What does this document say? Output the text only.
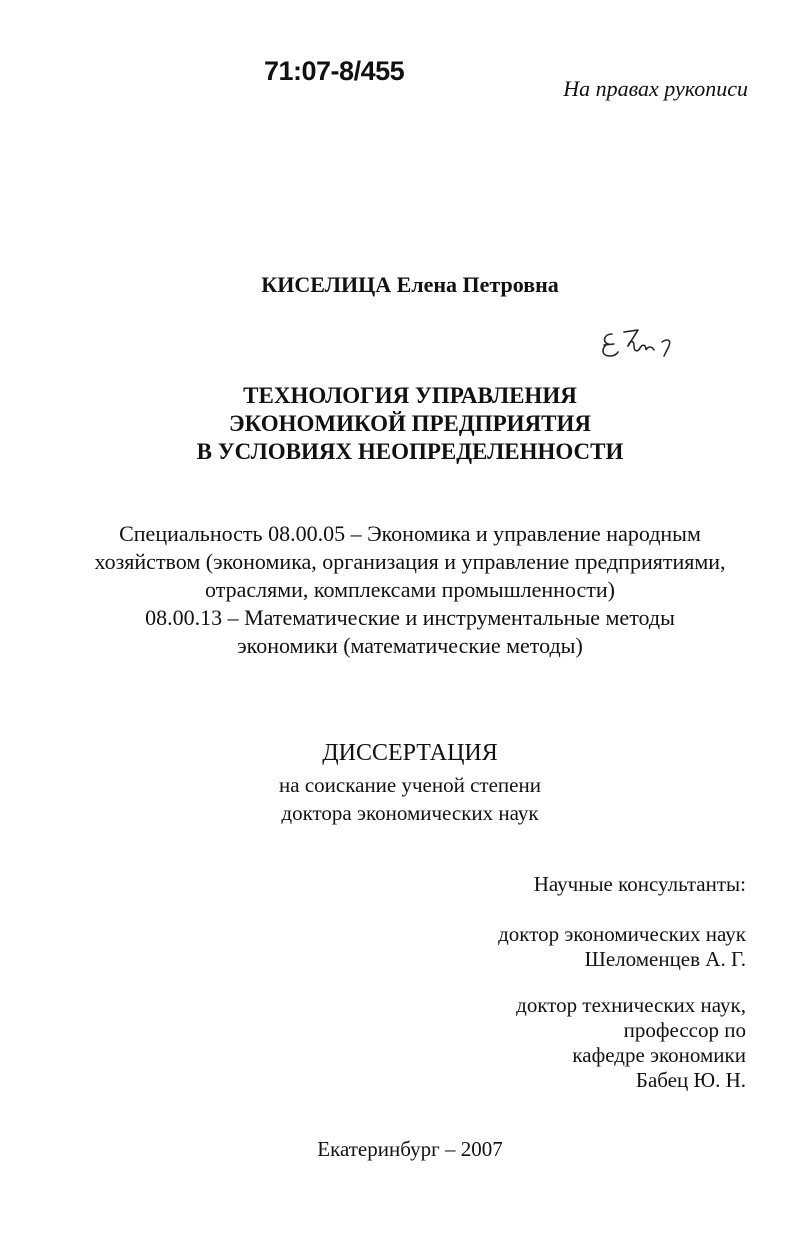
71:07-8/455
На правах рукописи
КИСЕЛИЦА Елена Петровна
ТЕХНОЛОГИЯ УПРАВЛЕНИЯ
ЭКОНОМИКОЙ ПРЕДПРИЯТИЯ
В УСЛОВИЯХ НЕОПРЕДЕЛЕННОСТИ
Специальность 08.00.05 – Экономика и управление народным
хозяйством (экономика, организация и управление предприятиями,
отраслями, комплексами промышленности)
08.00.13 – Математические и инструментальные методы
экономики (математические методы)
ДИССЕРТАЦИЯ
на соискание ученой степени
доктора экономических наук
Научные консультанты:
доктор экономических наук
Шеломенцев А. Г.
доктор технических наук,
профессор по
кафедре экономики
Бабец Ю. Н.
Екатеринбург – 2007
